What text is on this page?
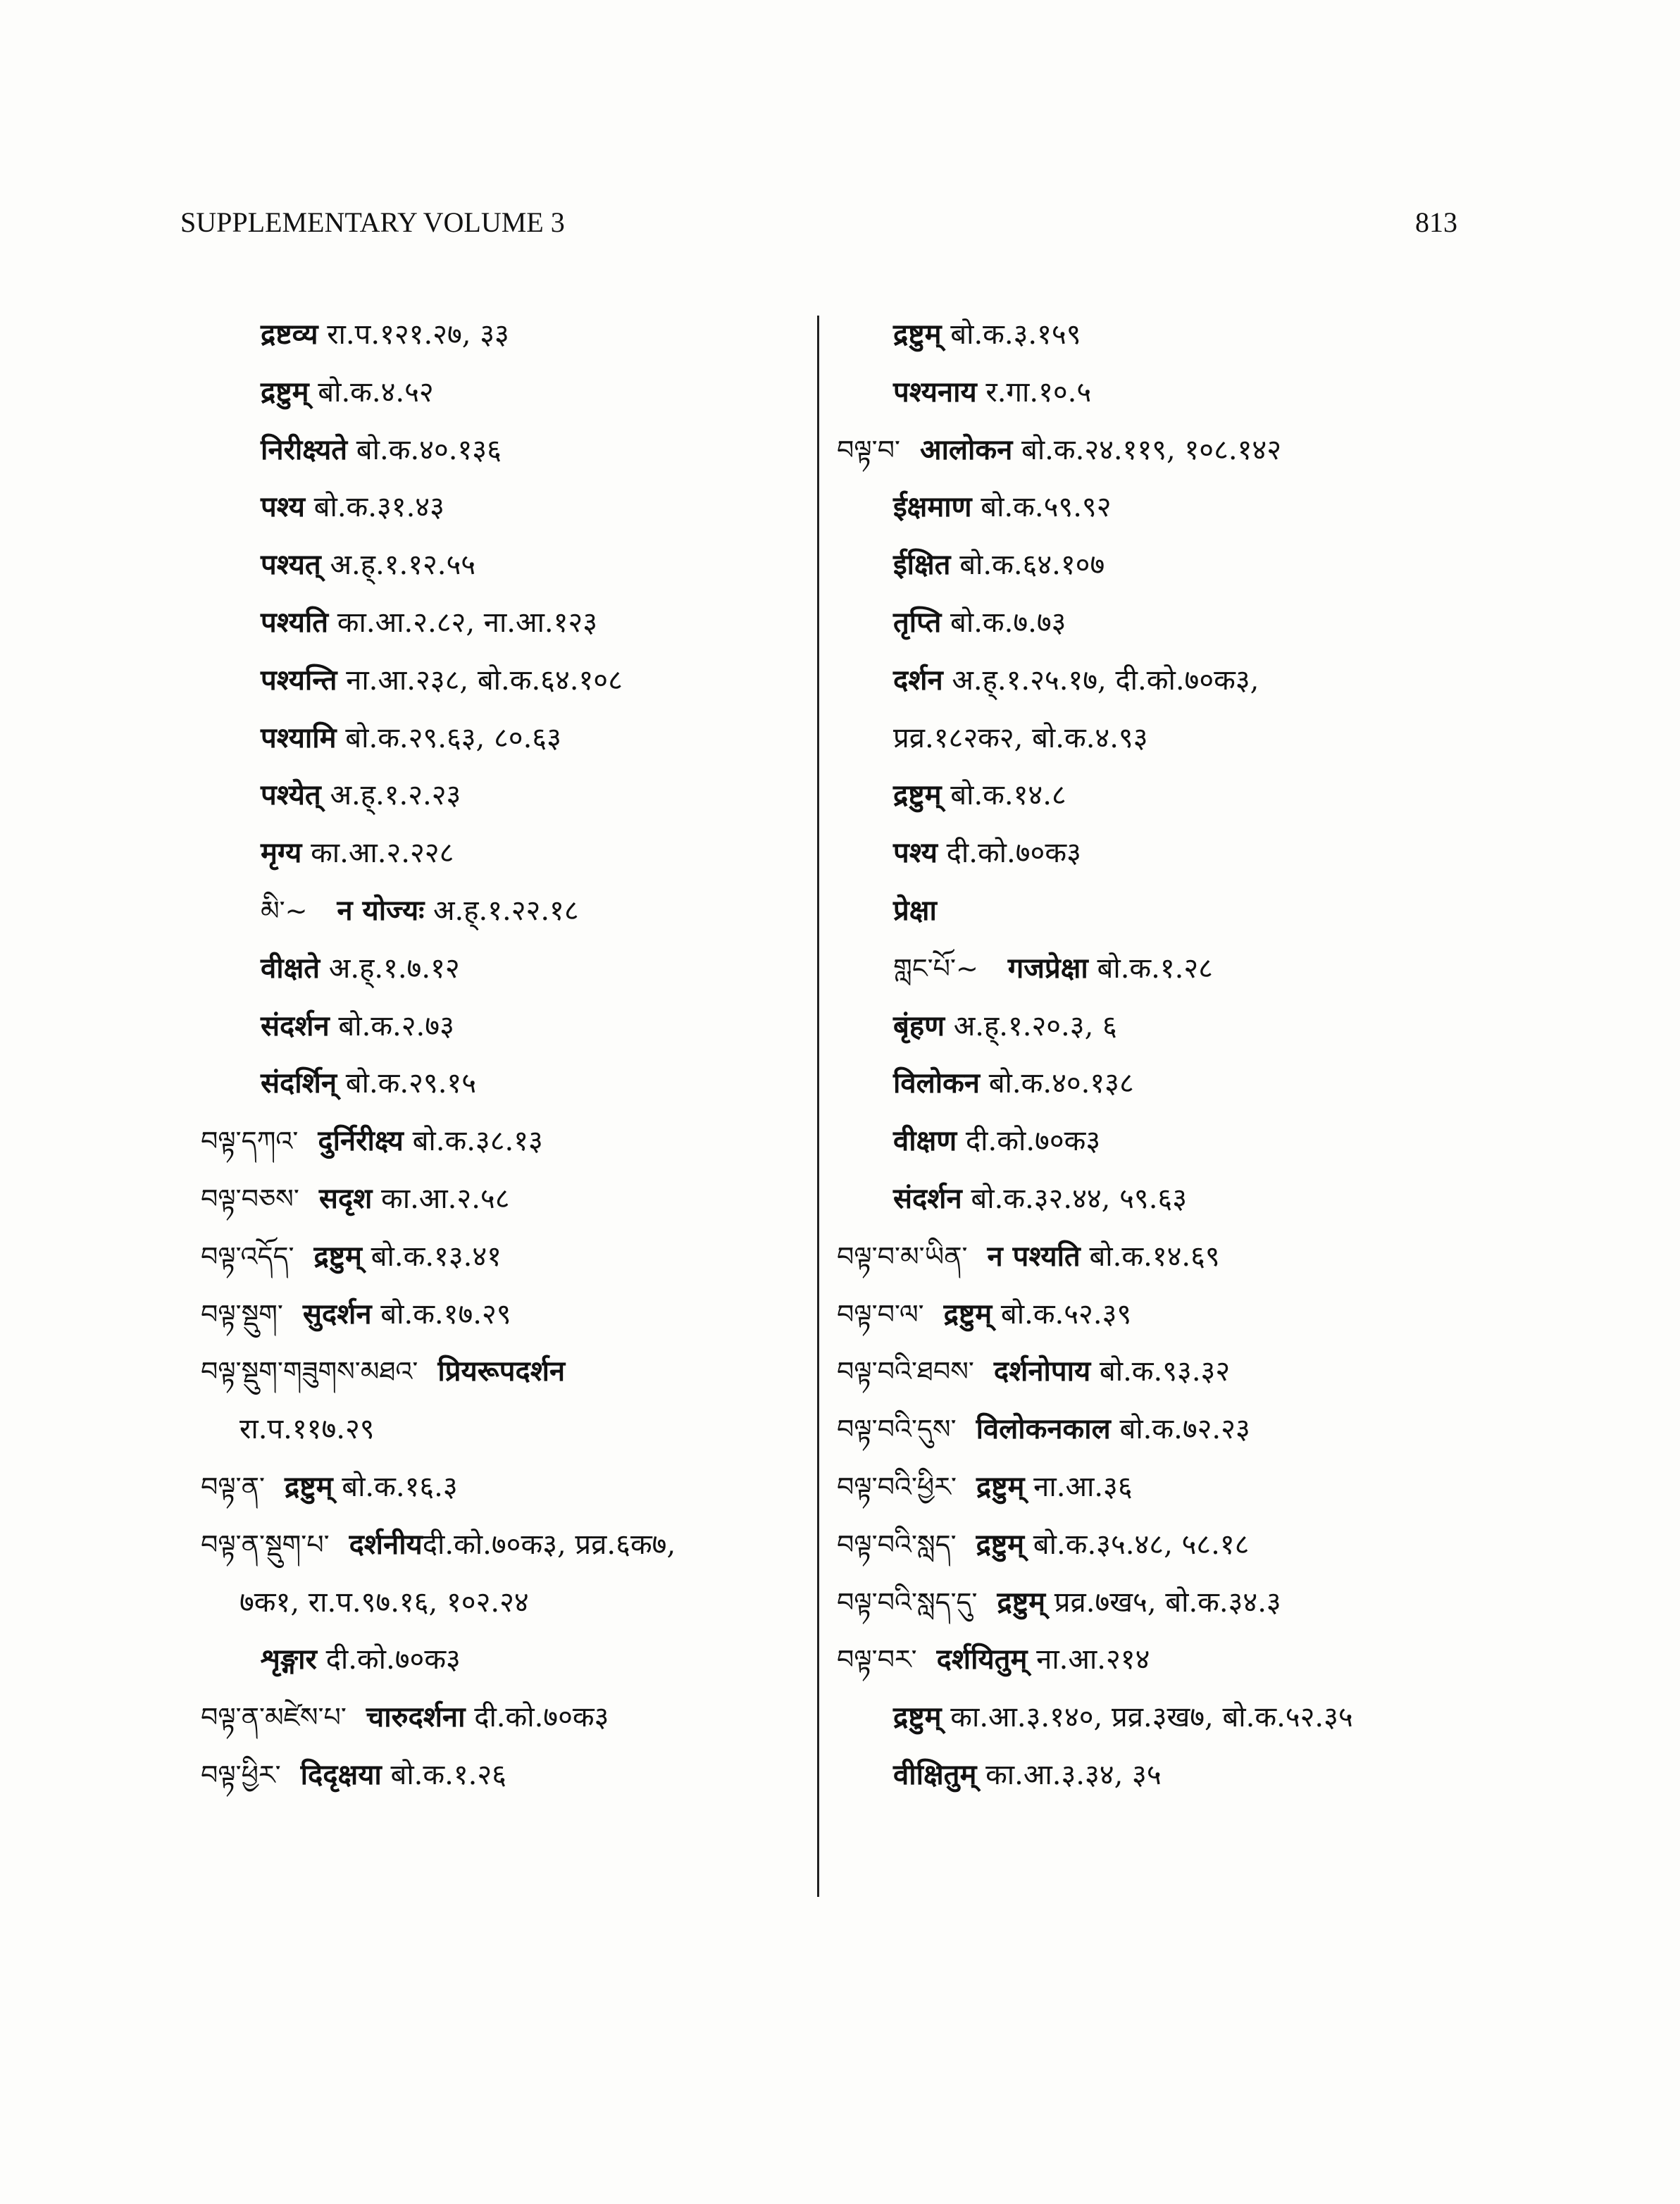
SUPPLEMENTARY VOLUME 3	813
द्रष्टव्य रा.प.१२१.२७, ३३
द्रष्टुम् बो.क.४.५२
निरीक्ष्यते बो.क.४०.१३६
पश्य बो.क.३१.४३
पश्यत् अ.ह्.१.१२.५५
पश्यति का.आ.२.८२, ना.आ.१२३
पश्यन्ति ना.आ.२३८, बो.क.६४.१०८
पश्यामि बो.क.२९.६३, ८०.६३
पश्येत् अ.ह्.१.२.२३
मृग्य का.आ.२.२२८
མི་~ न योज्यः अ.ह्.१.२२.१८
वीक्षते अ.ह्.१.७.१२
संदर्शन बो.क.२.७३
संदर्शिन् बो.क.२९.१५
བལྟ་དཀའ་ दुर्निरीक्ष्य बो.क.३८.१३
བལྟ་བཅས་ सदृश का.आ.२.५८
བལྟ་འདོད་ द्रष्टुम् बो.क.१३.४१
བལྟ་སྡུག་ सुदर्शन बो.क.१७.२९
བལྟ་སྡུག་གཟུགས་མཐའ་ प्रियरूपदर्शन
रा.प.११७.२९
བལྟ་ན་ द्रष्टुम् बो.क.१६.३
བལྟ་ན་སྡུག་པ་ दर्शनीयदी.को.७०क३, प्रव्र.६क७,
७क१, रा.प.९७.१६, १०२.२४
शृङ्गार दी.को.७०क३
བལྟ་ན་མཛེས་པ་ चारुदर्शना दी.को.७०क३
བལྟ་ཕྱིར་ दिदृक्षया बो.क.१.२६
द्रष्टुम् बो.क.३.१५९
पश्यनाय र.गा.१०.५
བལྟ་བ་ आलोकन बो.क.२४.११९, १०८.१४२
ईक्षमाण बो.क.५९.९२
ईक्षित बो.क.६४.१०७
तृप्ति बो.क.७.७३
दर्शन अ.ह्.१.२५.१७, दी.को.७०क३,
प्रव्र.१८२क२, बो.क.४.९३
द्रष्टुम् बो.क.१४.८
पश्य दी.को.७०क३
प्रेक्षा
གླང་པོ་~ गजप्रेक्षा बो.क.१.२८
बृंहण अ.ह्.१.२०.३, ६
विलोकन बो.क.४०.१३८
वीक्षण दी.को.७०क३
संदर्शन बो.क.३२.४४, ५९.६३
བལྟ་བ་མ་ཡིན་ न पश्यति बो.क.१४.६९
བལྟ་བ་ལ་ द्रष्टुम् बो.क.५२.३९
བལྟ་བའི་ཐབས་ दर्शनोपाय बो.क.९३.३२
བལྟ་བའི་དུས་ विलोकनकाल बो.क.७२.२३
བལྟ་བའི་ཕྱིར་ द्रष्टुम् ना.आ.३६
བལྟ་བའི་སླད་ द्रष्टुम् बो.क.३५.४८, ५८.१८
བལྟ་བའི་སླད་དུ་ द्रष्टुम् प्रव्र.७ख५, बो.क.३४.३
བལྟ་བར་ दर्शयितुम् ना.आ.२१४
द्रष्टुम् का.आ.३.१४०, प्रव्र.३ख७, बो.क.५२.३५
वीक्षितुम् का.आ.३.३४, ३५
